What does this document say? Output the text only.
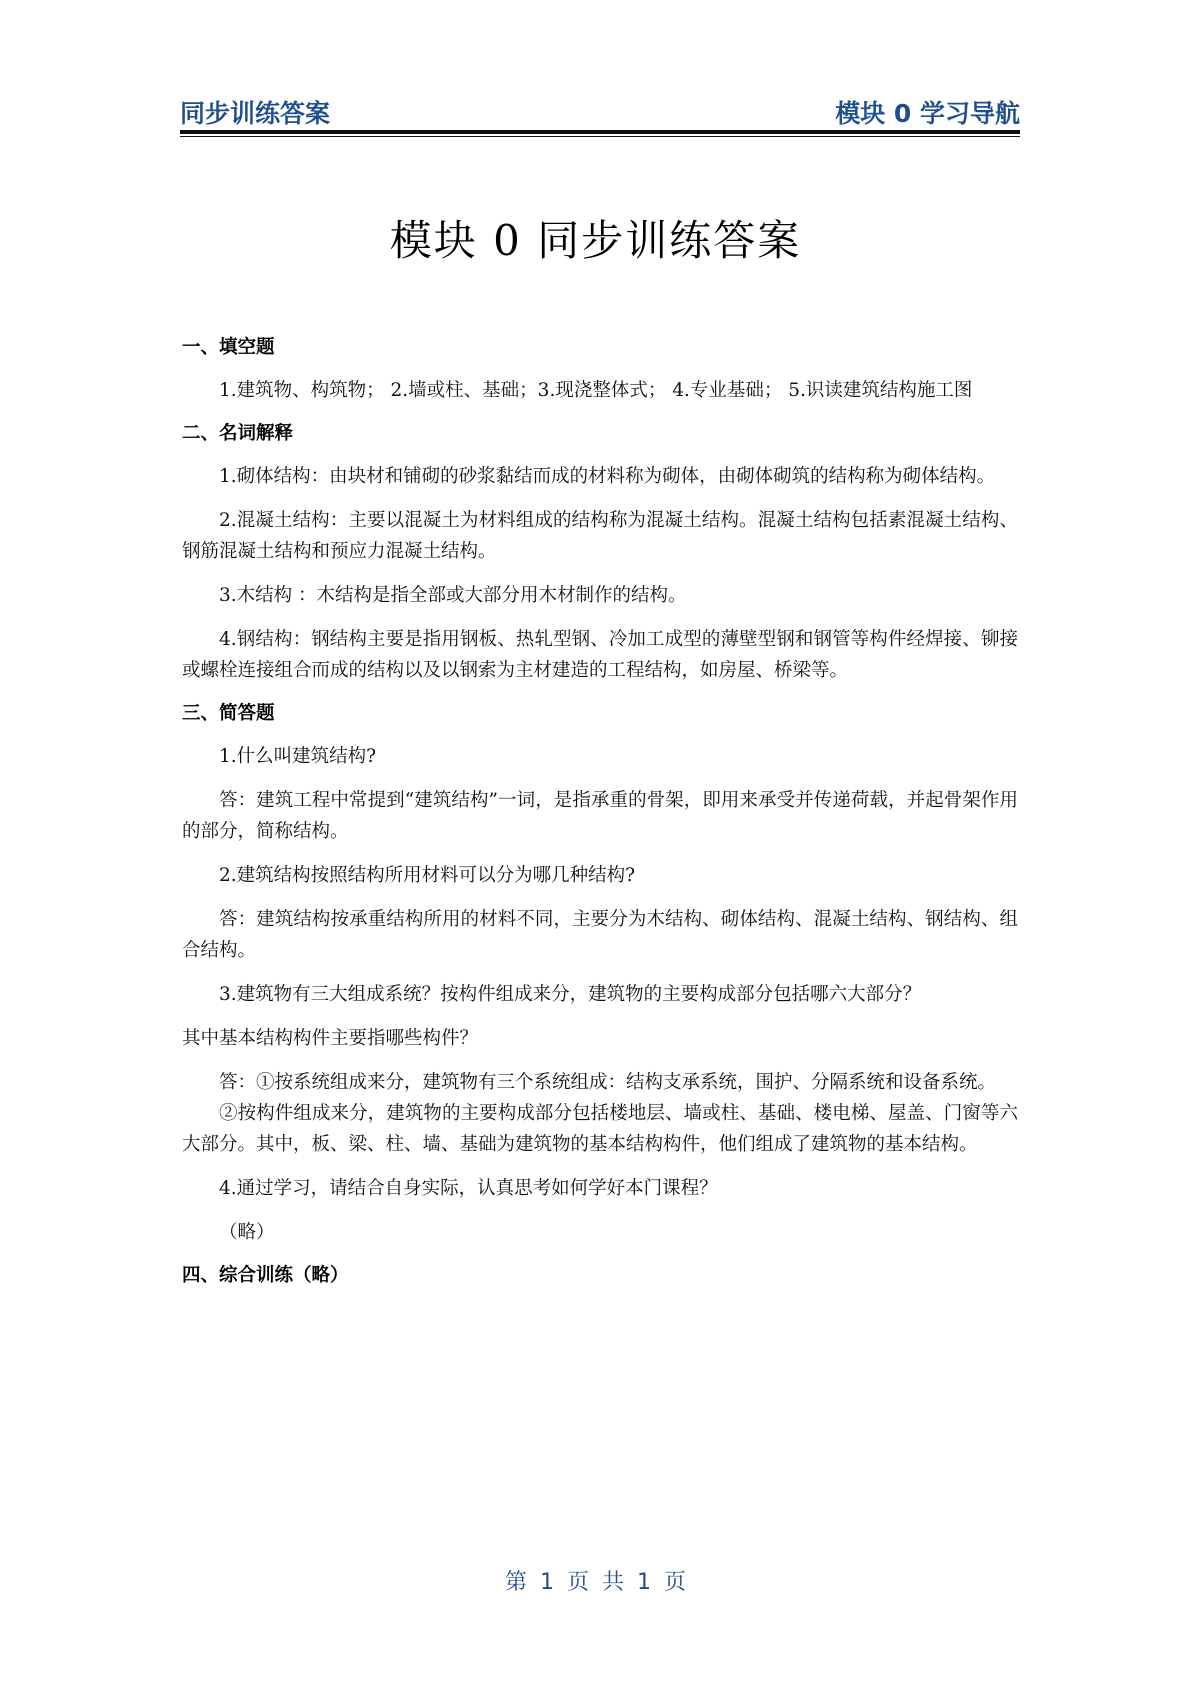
同步训练答案	模块 0 学习导航
模块 0 同步训练答案
一、填空题

1.建筑物、构筑物； 2.墙或柱、基础；3.现浇整体式； 4.专业基础； 5.识读建筑结构施工图

二、名词解释

1.砌体结构：由块材和铺砌的砂浆黏结而成的材料称为砌体，由砌体砌筑的结构称为砌体结构。

2.混凝土结构：主要以混凝土为材料组成的结构称为混凝土结构。混凝土结构包括素混凝土结构、钢筋混凝土结构和预应力混凝土结构。

3.木结构 ：木结构是指全部或大部分用木材制作的结构。

4.钢结构：钢结构主要是指用钢板、热轧型钢、冷加工成型的薄壁型钢和钢管等构件经焊接、铆接或螺栓连接组合而成的结构以及以钢索为主材建造的工程结构，如房屋、桥梁等。

三、简答题

1.什么叫建筑结构?

答：建筑工程中常提到“建筑结构”一词，是指承重的骨架，即用来承受并传递荷载，并起骨架作用的部分，简称结构。

2.建筑结构按照结构所用材料可以分为哪几种结构?

答：建筑结构按承重结构所用的材料不同，主要分为木结构、砌体结构、混凝土结构、钢结构、组合结构。

3.建筑物有三大组成系统？按构件组成来分，建筑物的主要构成部分包括哪六大部分？

其中基本结构构件主要指哪些构件？

答：①按系统组成来分，建筑物有三个系统组成：结构支承系统，围护、分隔系统和设备系统。

②按构件组成来分，建筑物的主要构成部分包括楼地层、墙或柱、基础、楼电梯、屋盖、门窗等六大部分。其中，板、梁、柱、墙、基础为建筑物的基本结构构件，他们组成了建筑物的基本结构。

4.通过学习，请结合自身实际，认真思考如何学好本门课程？

（略）

四、综合训练（略）
第 1 页 共 1 页
